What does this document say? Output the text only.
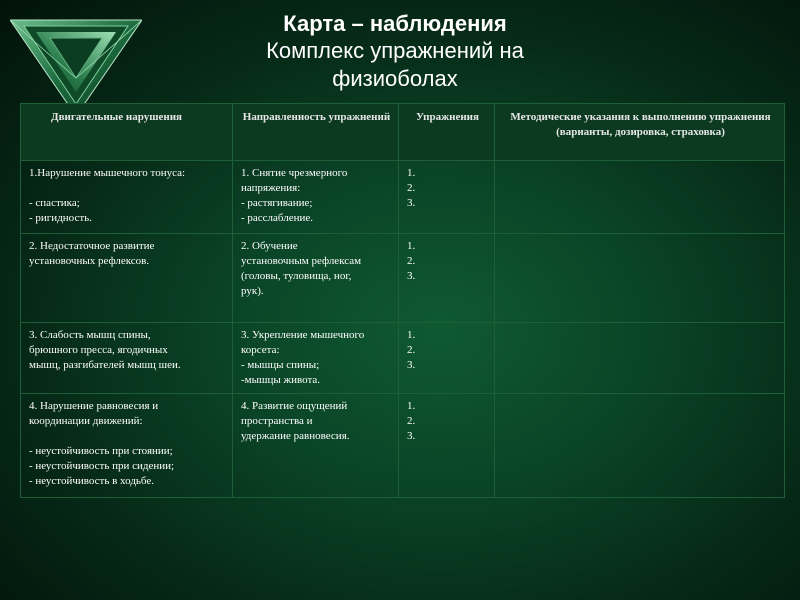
Карта – наблюдения
Комплекс упражнений на
физиоболах
Двигательные нарушения	Направленность упражнений	Упражнения	Методические указания к выполнению упражнения (варианты, дозировка, страховка)

1.Нарушение мышечного тонуса:
- спастика;
- ригидность.	1. Снятие чрезмерного
напряжения:
- растягивание;
- расслабление.	1.
2.
3.	

2. Недостаточное развитие
установочных рефлексов.	2. Обучение
установочным рефлексам
(головы, туловища, ног,
рук).	1.
2.
3.	

3. Слабость мышц спины,
брюшного пресса, ягодичных
мышц, разгибателей мышц шеи.	3. Укрепление мышечного
корсета:
- мышцы спины;
-мышцы живота.	1.
2.
3.	

4. Нарушение равновесия и
координации движений:
- неустойчивость при стоянии;
- неустойчивость при сидении;
- неустойчивость в ходьбе.	4. Развитие ощущений
пространства и
удержание равновесия.	1.
2.
3.	
